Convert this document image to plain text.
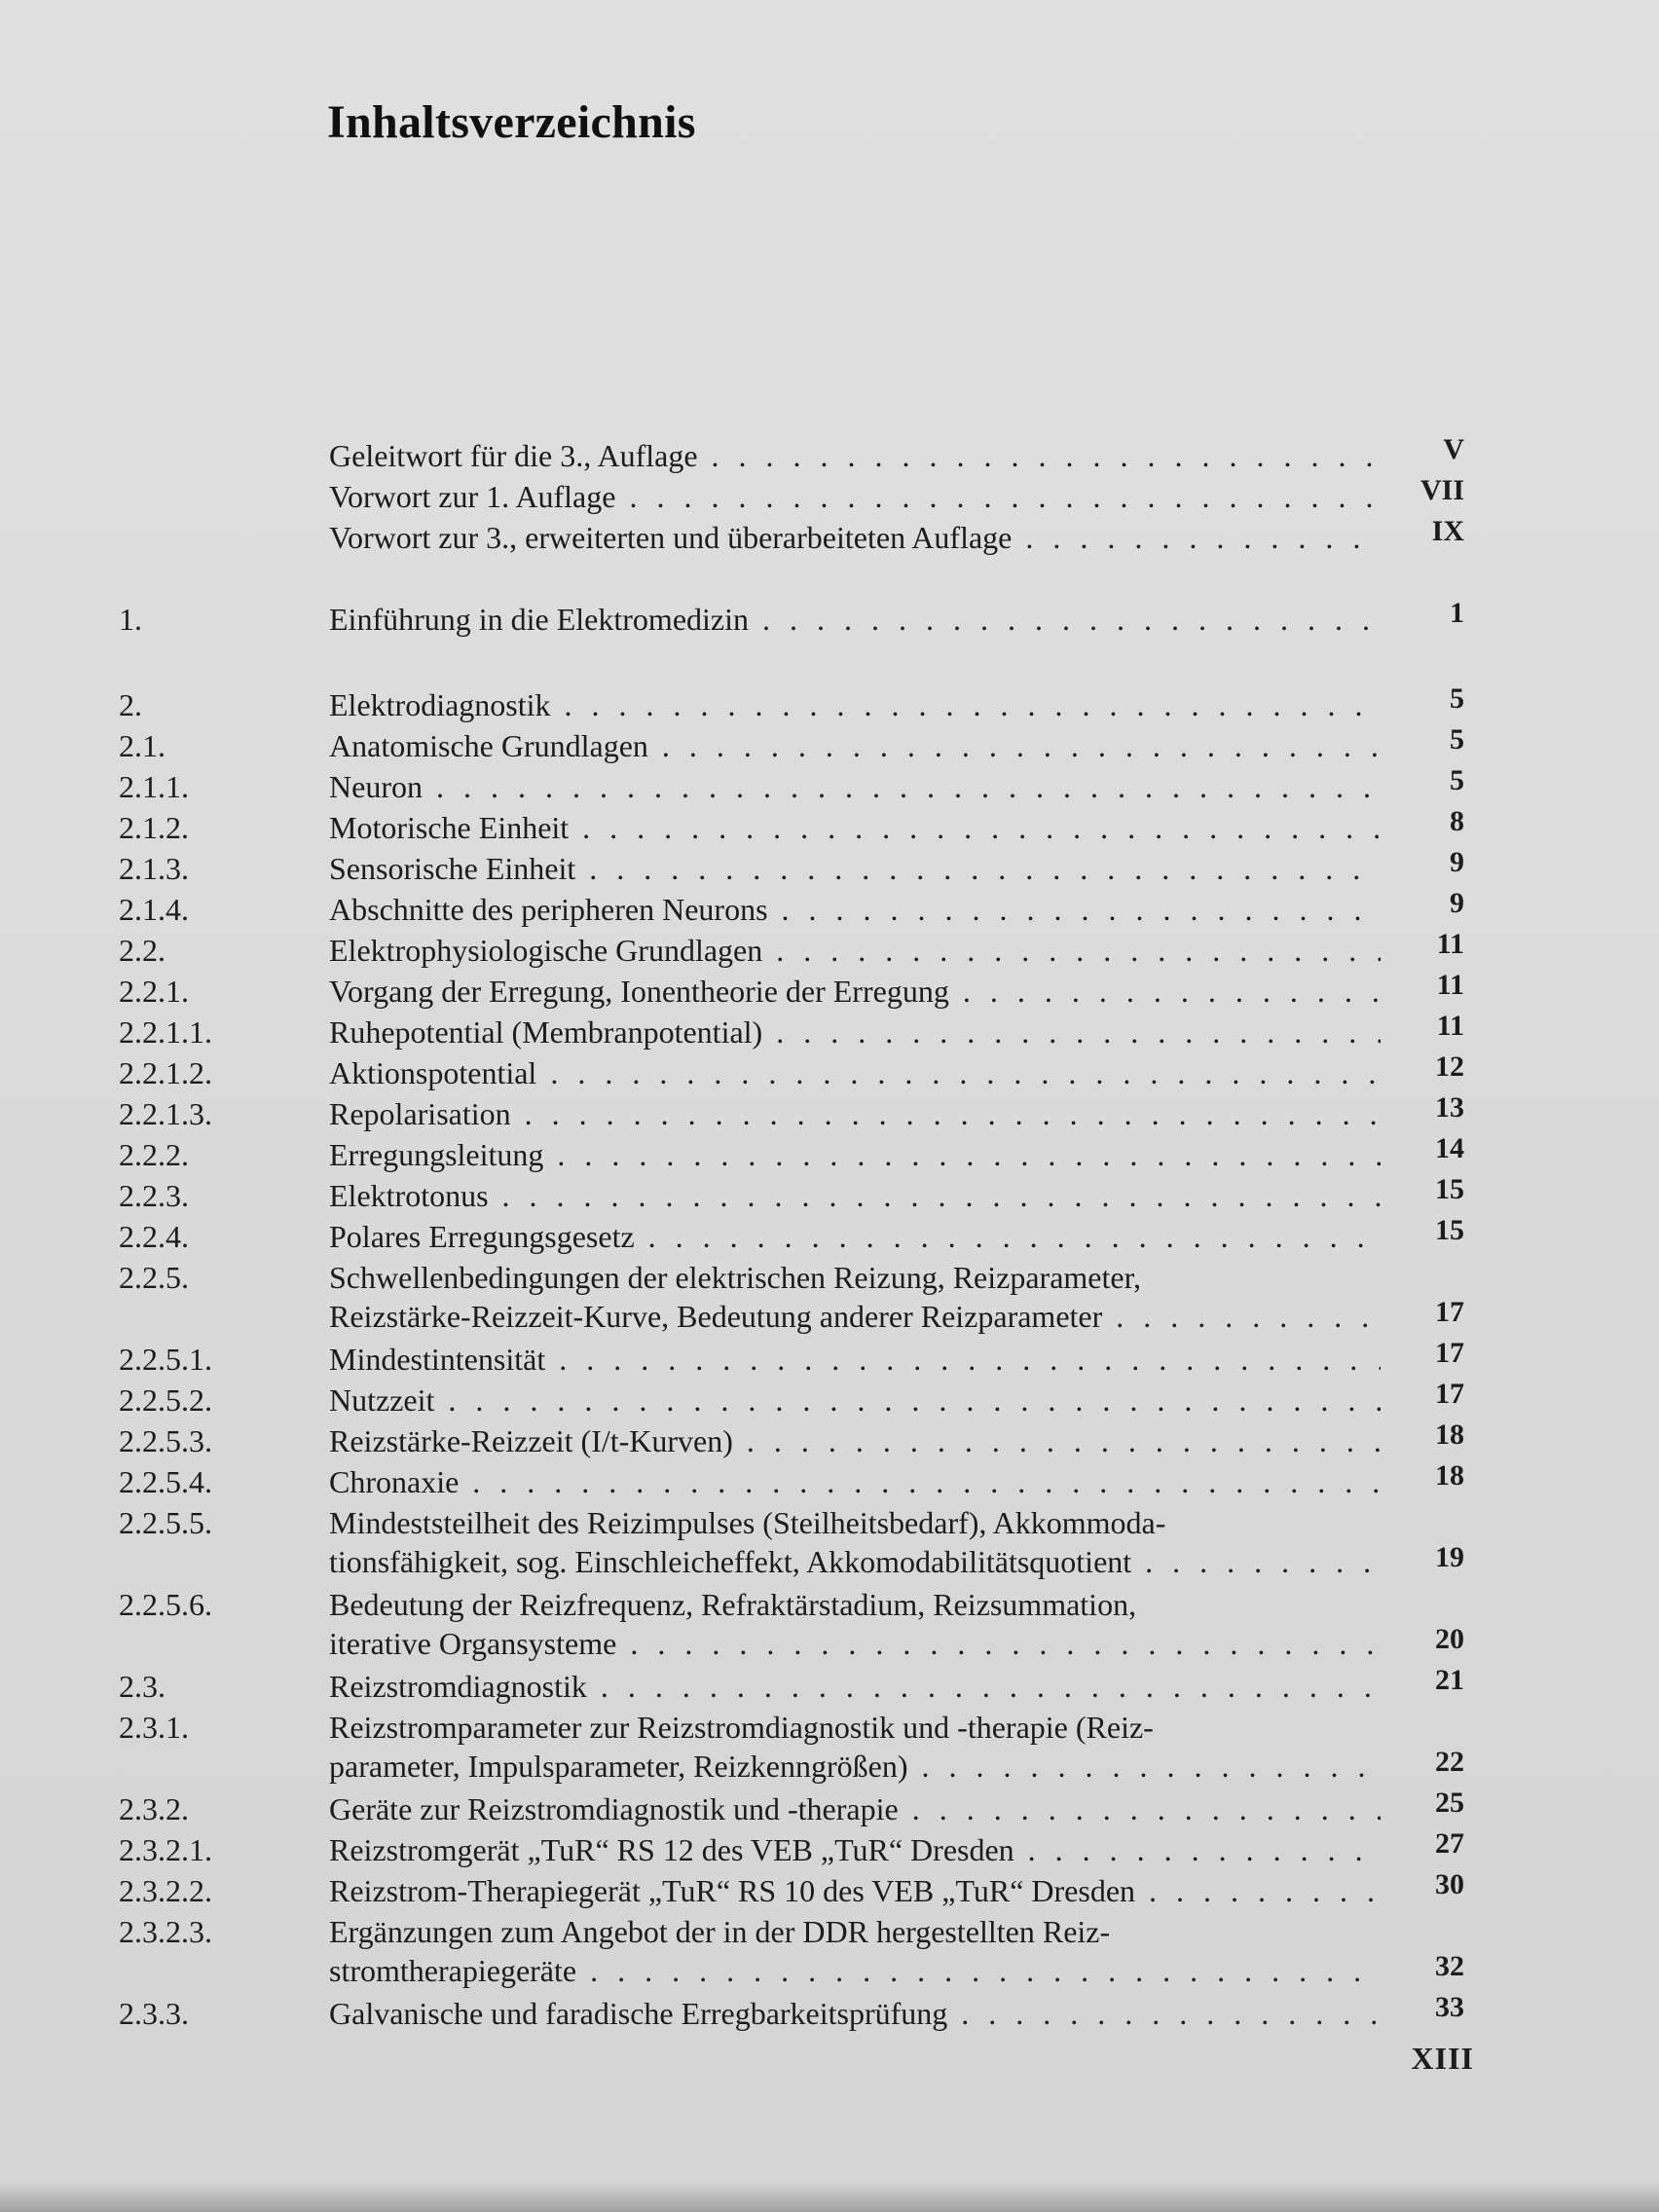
Inhaltsverzeichnis
Geleitwort für die 3., Auflage . . .	V
Vorwort zur 1. Auflage . . .	VII
Vorwort zur 3., erweiterten und überarbeiteten Auflage . . .	IX
1.	Einführung in die Elektromedizin . . .	1
2.	Elektrodiagnostik . . .	5
2.1.	Anatomische Grundlagen . . .	5
2.1.1.	Neuron . . .	5
2.1.2.	Motorische Einheit . . .	8
2.1.3.	Sensorische Einheit . . .	9
2.1.4.	Abschnitte des peripheren Neurons . . .	9
2.2.	Elektrophysiologische Grundlagen . . .	11
2.2.1.	Vorgang der Erregung, Ionentheorie der Erregung . . .	11
2.2.1.1.	Ruhepotential (Membranpotential) . . .	11
2.2.1.2.	Aktionspotential . . .	12
2.2.1.3.	Repolarisation . . .	13
2.2.2.	Erregungsleitung . . .	14
2.2.3.	Elektrotonus . . .	15
2.2.4.	Polares Erregungsgesetz . . .	15
2.2.5.	Schwellenbedingungen der elektrischen Reizung, Reizparameter,
Reizstärke-Reizzeit-Kurve, Bedeutung anderer Reizparameter . . .	17
2.2.5.1.	Mindestintensität . . .	17
2.2.5.2.	Nutzzeit . . .	17
2.2.5.3.	Reizstärke-Reizzeit (I/t-Kurven) . . .	18
2.2.5.4.	Chronaxie . . .	18
2.2.5.5.	Mindeststeilheit des Reizimpulses (Steilheitsbedarf), Akkommoda-
tionsfähigkeit, sog. Einschleicheffekt, Akkomodabilitätsquotient . . .	19
2.2.5.6.	Bedeutung der Reizfrequenz, Refraktärstadium, Reizsummation,
iterative Organsysteme . . .	20
2.3.	Reizstromdiagnostik . . .	21
2.3.1.	Reizstromparameter zur Reizstromdiagnostik und -therapie (Reiz-
parameter, Impulsparameter, Reizkenngrößen) . . .	22
2.3.2.	Geräte zur Reizstromdiagnostik und -therapie . . .	25
2.3.2.1.	Reizstromgerät „TuR“ RS 12 des VEB „TuR“ Dresden . . .	27
2.3.2.2.	Reizstrom-Therapiegerät „TuR“ RS 10 des VEB „TuR“ Dresden . . .	30
2.3.2.3.	Ergänzungen zum Angebot der in der DDR hergestellten Reiz-
stromtherapiegeräte . . .	32
2.3.3.	Galvanische und faradische Erregbarkeitsprüfung . . .	33
XIII
